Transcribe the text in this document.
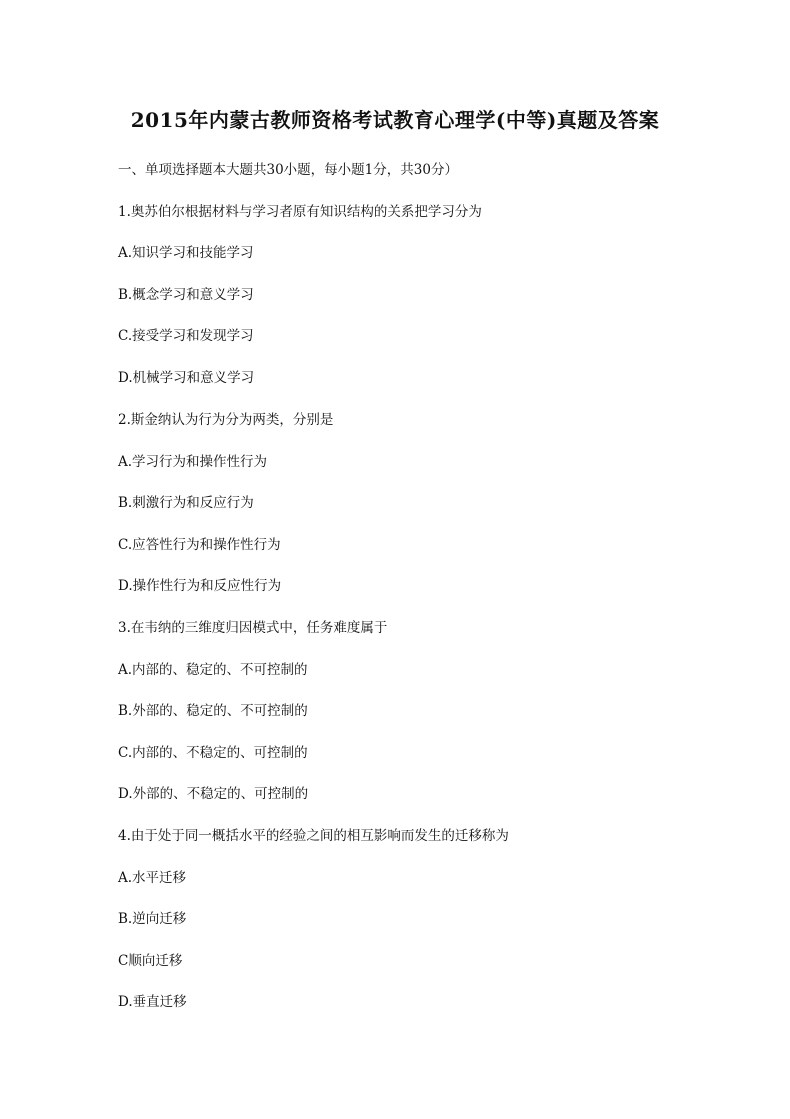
2015年内蒙古教师资格考试教育心理学(中等)真题及答案
一、单项选择题本大题共30小题，每小题1分，共30分）
1.奥苏伯尔根据材料与学习者原有知识结构的关系把学习分为
A.知识学习和技能学习
B.概念学习和意义学习
C.接受学习和发现学习
D.机械学习和意义学习
2.斯金纳认为行为分为两类，分别是
A.学习行为和操作性行为
B.刺激行为和反应行为
C.应答性行为和操作性行为
D.操作性行为和反应性行为
3.在韦纳的三维度归因模式中，任务难度属于
A.内部的、稳定的、不可控制的
B.外部的、稳定的、不可控制的
C.内部的、不稳定的、可控制的
D.外部的、不稳定的、可控制的
4.由于处于同一概括水平的经验之间的相互影响而发生的迁移称为
A.水平迁移
B.逆向迁移
C顺向迁移
D.垂直迁移
